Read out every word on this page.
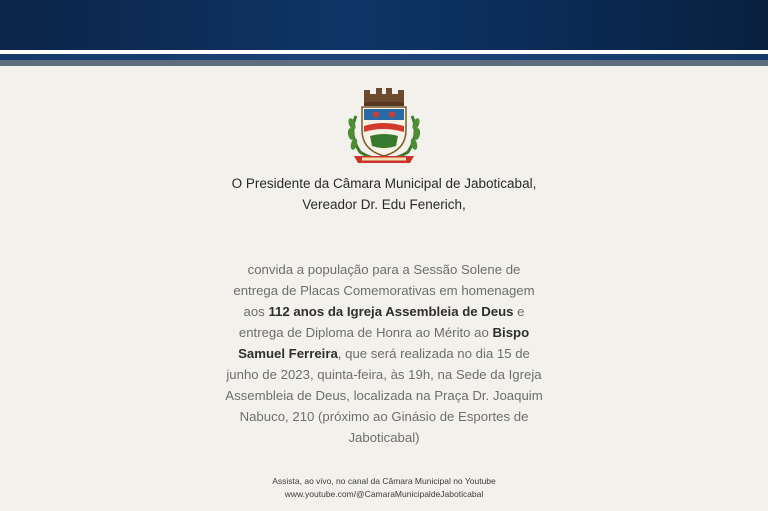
O Presidente da Câmara Municipal de Jaboticabal,
Vereador Dr. Edu Fenerich,
convida a população para a Sessão Solene de entrega de Placas Comemorativas em homenagem aos 112 anos da Igreja Assembleia de Deus e entrega de Diploma de Honra ao Mérito ao Bispo Samuel Ferreira, que será realizada no dia 15 de junho de 2023, quinta-feira, às 19h, na Sede da Igreja Assembleia de Deus, localizada na Praça Dr. Joaquim Nabuco, 210 (próximo ao Ginásio de Esportes de Jaboticabal)
Assista, ao vivo, no canal da Câmara Municipal no Youtube
www.youtube.com/@CamaraMunicipaldeJaboticabal
